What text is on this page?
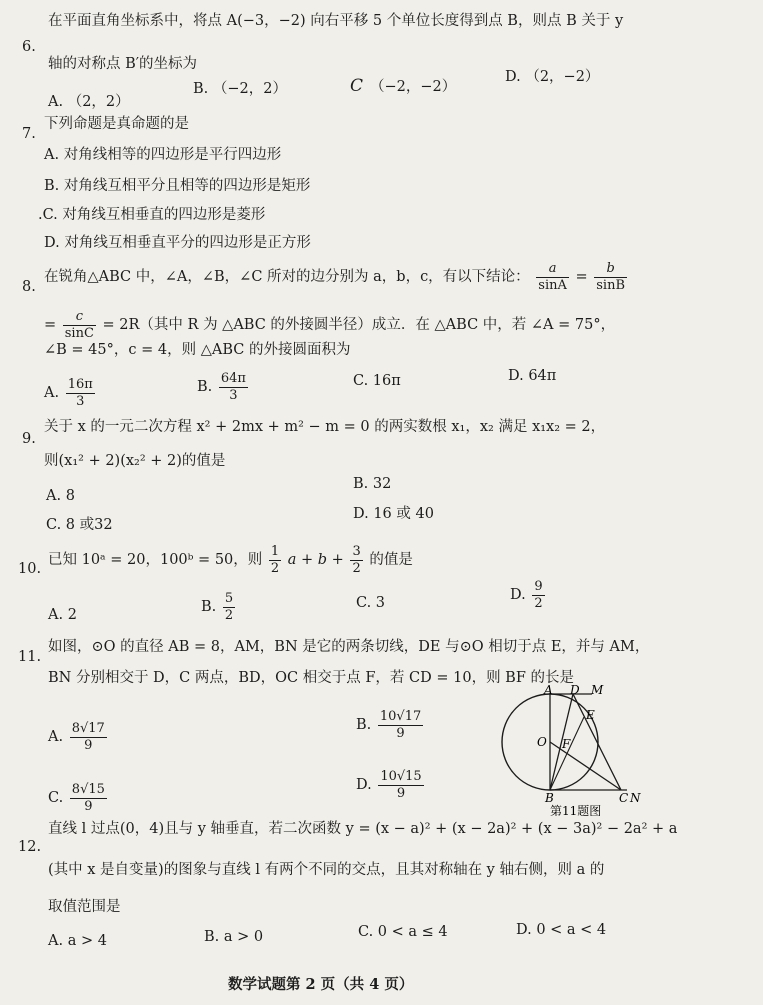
6.
在平面直角坐标系中，将点 A(−3，−2) 向右平移 5 个单位长度得到点 B，则点 B 关于 y
轴的对称点 B′的坐标为
A. （2，2）
B. （−2，2）	C （−2，−2）
D. （2，−2）
7.
下列命题是真命题的是
A. 对角线相等的四边形是平行四边形
B. 对角线互相平分且相等的四边形是矩形
.C. 对角线互相垂直的四边形是菱形
D. 对角线互相垂直平分的四边形是正方形
8.
在锐角△ABC 中，∠A，∠B，∠C 所对的边分别为 a，b，c，有以下结论： $\frac{a}{\sin A} = \frac{b}{\sin B}$
= $\frac{c}{\sin C} = 2R$（其中 R 为 △ABC 的外接圆半径）成立．在 △ABC 中，若 ∠A = 75°，
∠B = 45°，c = 4，则 △ABC 的外接圆面积为
A. $\frac{16\pi}{3}$	B. $\frac{64\pi}{3}$	C. 16π	D. 64π
9.
关于 x 的一元二次方程 x² + 2mx + m² − m = 0 的两实数根 x₁，x₂ 满足 x₁x₂ = 2，
则(x₁² + 2)(x₂² + 2)的值是
A. 8
B. 32
C. 8 或32
D. 16 或 40
10.
已知 10ᵃ = 20，100ᵇ = 50，则 $\frac{1}{2}$ $a + b + \frac{3}{2}$ 的值是
A. 2	B. $\frac{5}{2}$	C. 3	D. $\frac{9}{2}$
11.
如图，⊙O 的直径 AB = 8，AM，BN 是它的两条切线，DE 与⊙O 相切于点 E，并与 AM，
BN 分别相交于 D，C 两点，BD，OC 相交于点 F，若 CD = 10，则 BF 的长是
A. $\frac{8√17}{9}$	B. $\frac{10√17}{9}$
C. $\frac{8√15}{9}$	D. $\frac{10√15}{9}$
A D M
E
O F
B	C N
第11题图
12.
直线 l 过点(0，4)且与 y 轴垂直，若二次函数 y = (x − a)² + (x − 2a)² + (x − 3a)² − 2a² + a
(其中 x 是自变量)的图象与直线 l 有两个不同的交点，且其对称轴在 y 轴右侧，则 a 的
取值范围是
A. a > 4	B. a > 0	C. 0 < a ≤ 4	D. 0 < a < 4
数学试题第 2 页（共 4 页）
